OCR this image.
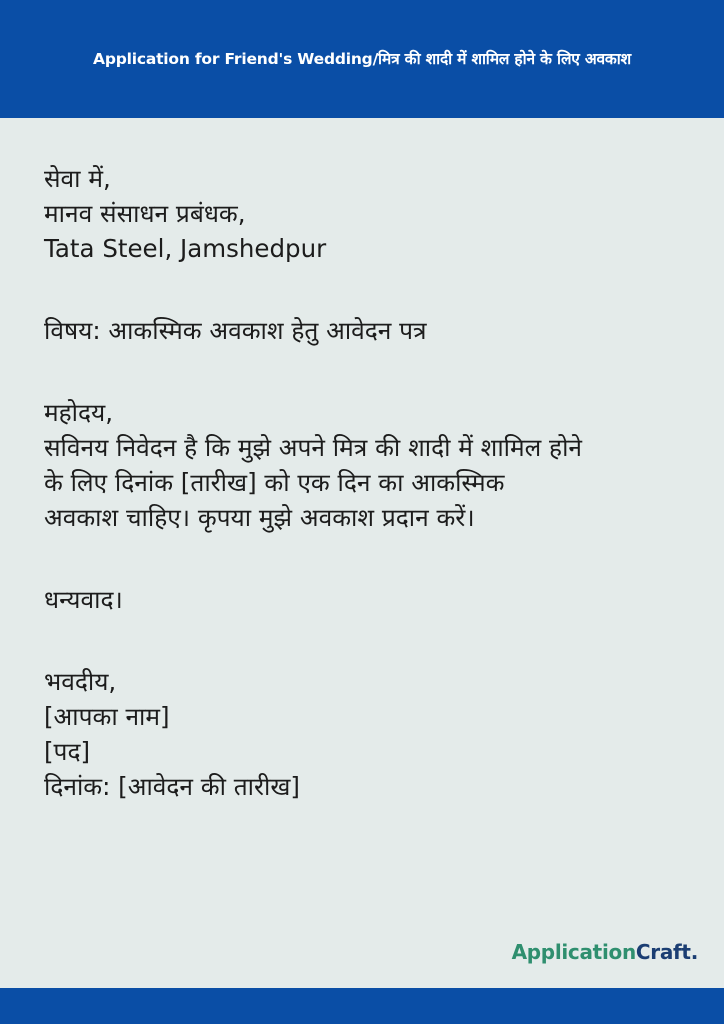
Application for Friend's Wedding/मित्र की शादी में शामिल होने के लिए अवकाश
सेवा में,
मानव संसाधन प्रबंधक,
Tata Steel, Jamshedpur
विषय: आकस्मिक अवकाश हेतु आवेदन पत्र
महोदय,
सविनय निवेदन है कि मुझे अपने मित्र की शादी में शामिल होने
के लिए दिनांक [तारीख] को एक दिन का आकस्मिक
अवकाश चाहिए। कृपया मुझे अवकाश प्रदान करें।
धन्यवाद।
भवदीय,
[आपका नाम]
[पद]
दिनांक: [आवेदन की तारीख]
ApplicationCraft.
